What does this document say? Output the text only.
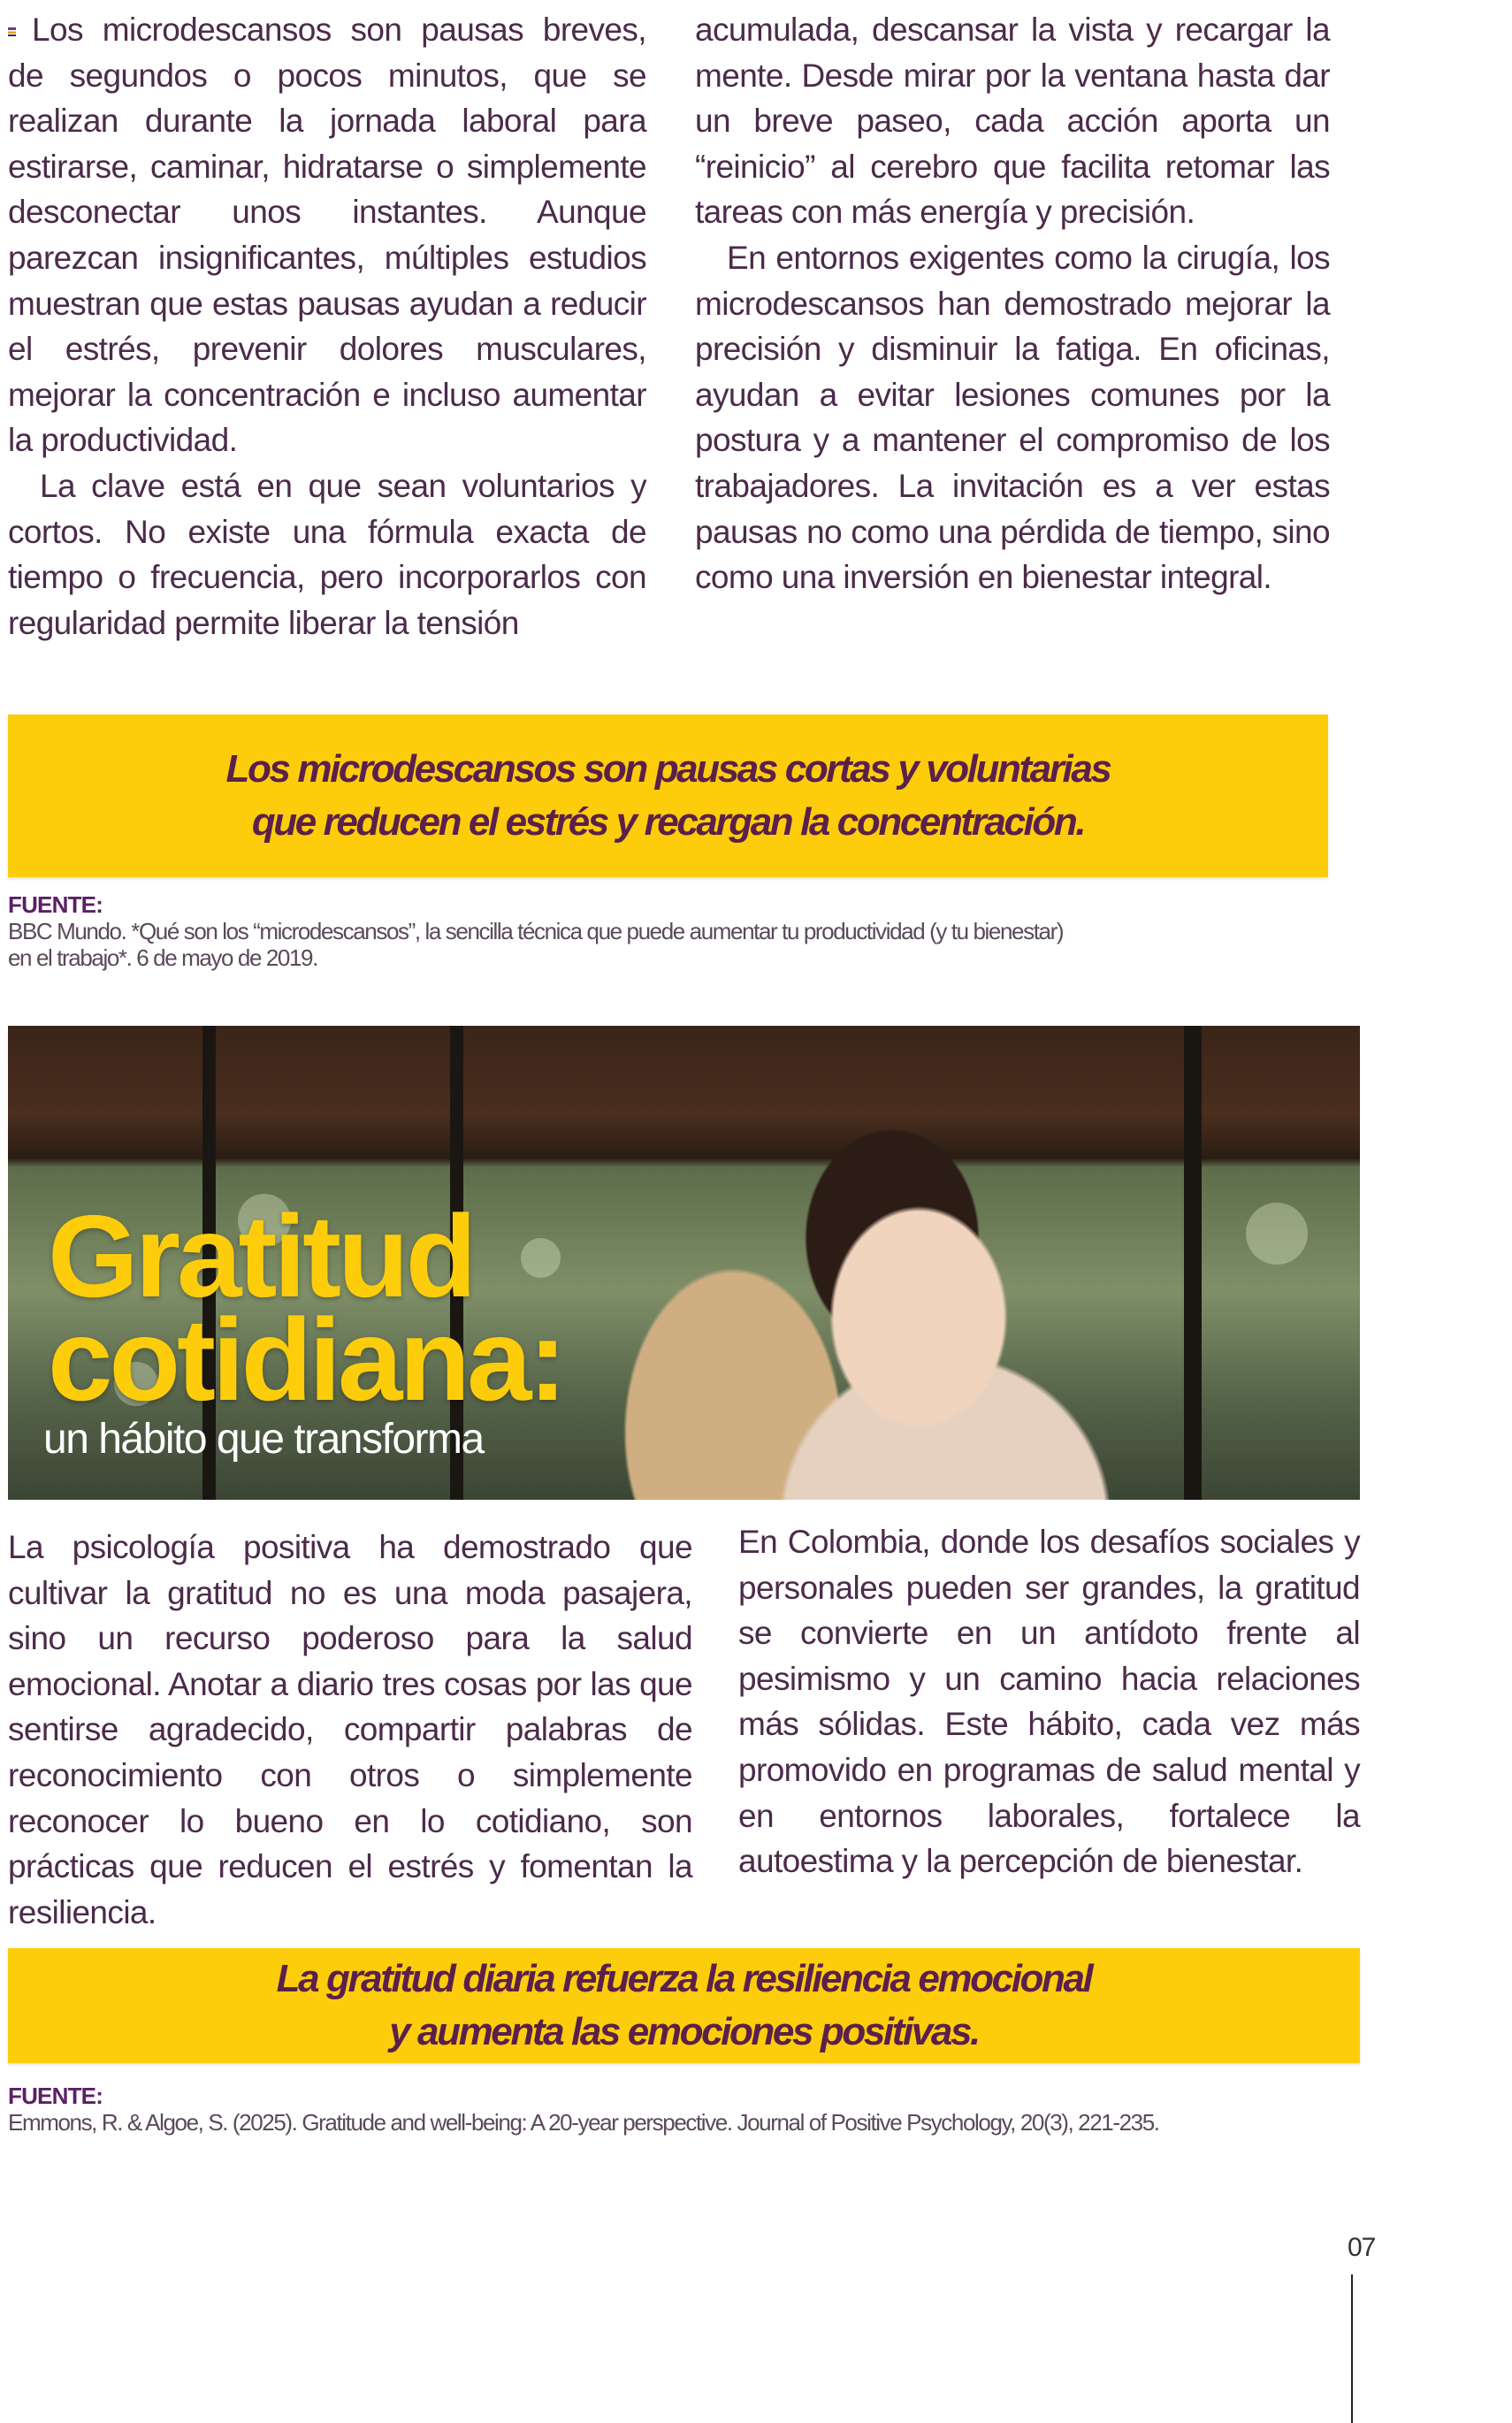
Los microdescansos son pausas breves, de segundos o pocos minutos, que se realizan durante la jornada laboral para estirarse, caminar, hidratarse o simplemente desconectar unos instantes. Aunque parezcan insignificantes, múltiples estudios muestran que estas pausas ayudan a reducir el estrés, prevenir dolores musculares, mejorar la concentración e incluso aumentar la productividad.

La clave está en que sean voluntarios y cortos. No existe una fórmula exacta de tiempo o frecuencia, pero incorporarlos con regularidad permite liberar la tensión

acumulada, descansar la vista y recargar la mente. Desde mirar por la ventana hasta dar un breve paseo, cada acción aporta un “reinicio” al cerebro que facilita retomar las tareas con más energía y precisión.

En entornos exigentes como la cirugía, los microdescansos han demostrado mejorar la precisión y disminuir la fatiga. En oficinas, ayudan a evitar lesiones comunes por la postura y a mantener el compromiso de los trabajadores. La invitación es a ver estas pausas no como una pérdida de tiempo, sino como una inversión en bienestar integral.

Los microdescansos son pausas cortas y voluntarias
que reducen el estrés y recargan la concentración.
FUENTE:
BBC Mundo. *Qué son los “microdescansos”, la sencilla técnica que puede aumentar tu productividad (y tu bienestar)
en el trabajo*. 6 de mayo de 2019.
Gratitud
cotidiana:
un hábito que transforma

La psicología positiva ha demostrado que cultivar la gratitud no es una moda pasajera, sino un recurso poderoso para la salud emocional. Anotar a diario tres cosas por las que sentirse agradecido, compartir palabras de reconocimiento con otros o simplemente reconocer lo bueno en lo cotidiano, son prácticas que reducen el estrés y fomentan la resiliencia.

En Colombia, donde los desafíos sociales y personales pueden ser grandes, la gratitud se convierte en un antídoto frente al pesimismo y un camino hacia relaciones más sólidas. Este hábito, cada vez más promovido en programas de salud mental y en entornos laborales, fortalece la autoestima y la percepción de bienestar.

La gratitud diaria refuerza la resiliencia emocional
y aumenta las emociones positivas.
FUENTE:
Emmons, R. & Algoe, S. (2025). Gratitude and well-being: A 20-year perspective. Journal of Positive Psychology, 20(3), 221-235.
07
